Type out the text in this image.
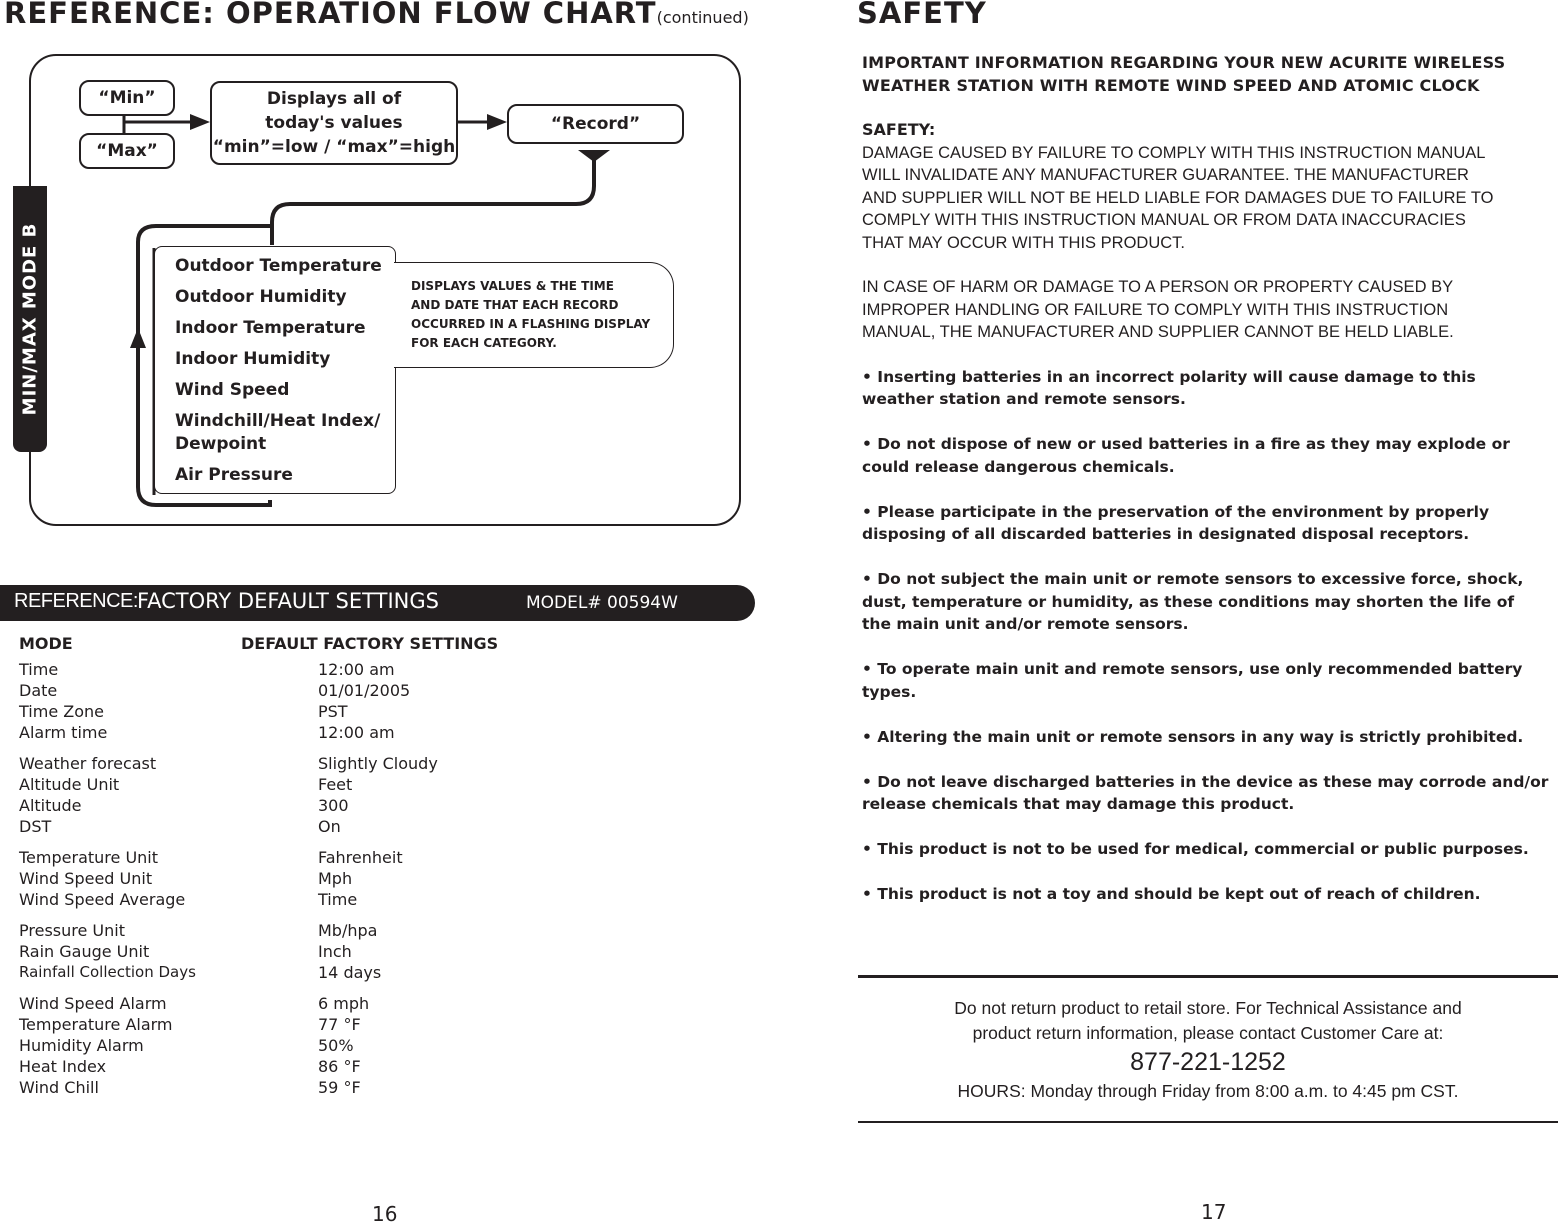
REFERENCE: OPERATION FLOW CHART(continued)
MIN/MAX MODE B
“Min”
“Max”
Displays all of
today's values
“min”=low / “max”=high
“Record”
Outdoor Temperature
Outdoor Humidity
Indoor Temperature
Indoor Humidity
Wind Speed
Windchill/Heat Index/
Dewpoint
Air Pressure
DISPLAYS VALUES & THE TIME
AND DATE THAT EACH RECORD
OCCURRED IN A FLASHING DISPLAY
FOR EACH CATEGORY.
REFERENCE: FACTORY DEFAULT SETTINGS	MODEL# 00594W
MODE	DEFAULT FACTORY SETTINGS
Time	12:00 am
Date	01/01/2005
Time Zone	PST
Alarm time	12:00 am
Weather forecast	Slightly Cloudy
Altitude Unit	Feet
Altitude	300
DST	On
Temperature Unit	Fahrenheit
Wind Speed Unit	Mph
Wind Speed Average	Time
Pressure Unit	Mb/hpa
Rain Gauge Unit	Inch
Rainfall Collection Days	14 days
Wind Speed Alarm	6 mph
Temperature Alarm	77 °F
Humidity Alarm	50%
Heat Index	86 °F
Wind Chill	59 °F
16
SAFETY

IMPORTANT INFORMATION REGARDING YOUR NEW ACURITE WIRELESS

WEATHER STATION WITH REMOTE WIND SPEED AND ATOMIC CLOCK

SAFETY:

DAMAGE CAUSED BY FAILURE TO COMPLY WITH THIS INSTRUCTION MANUAL

WILL INVALIDATE ANY MANUFACTURER GUARANTEE. THE MANUFACTURER

AND SUPPLIER WILL NOT BE HELD LIABLE FOR DAMAGES DUE TO FAILURE TO

COMPLY WITH THIS INSTRUCTION MANUAL OR FROM DATA INACCURACIES

THAT MAY OCCUR WITH THIS PRODUCT.

IN CASE OF HARM OR DAMAGE TO A PERSON OR PROPERTY CAUSED BY

IMPROPER HANDLING OR FAILURE TO COMPLY WITH THIS INSTRUCTION

MANUAL, THE MANUFACTURER AND SUPPLIER CANNOT BE HELD LIABLE.

• Inserting batteries in an incorrect polarity will cause damage to this

weather station and remote sensors.

• Do not dispose of new or used batteries in a fire as they may explode or

could release dangerous chemicals.

• Please participate in the preservation of the environment by properly

disposing of all discarded batteries in designated disposal receptors.

• Do not subject the main unit or remote sensors to excessive force, shock,

dust, temperature or humidity, as these conditions may shorten the life of

the main unit and/or remote sensors.

• To operate main unit and remote sensors, use only recommended battery

types.

• Altering the main unit or remote sensors in any way is strictly prohibited.

• Do not leave discharged batteries in the device as these may corrode and/or

release chemicals that may damage this product.

• This product is not to be used for medical, commercial or public purposes.

• This product is not a toy and should be kept out of reach of children.

Do not return product to retail store. For Technical Assistance and
product return information, please contact Customer Care at:
877-221-1252
HOURS: Monday through Friday from 8:00 a.m. to 4:45 pm CST.
17
